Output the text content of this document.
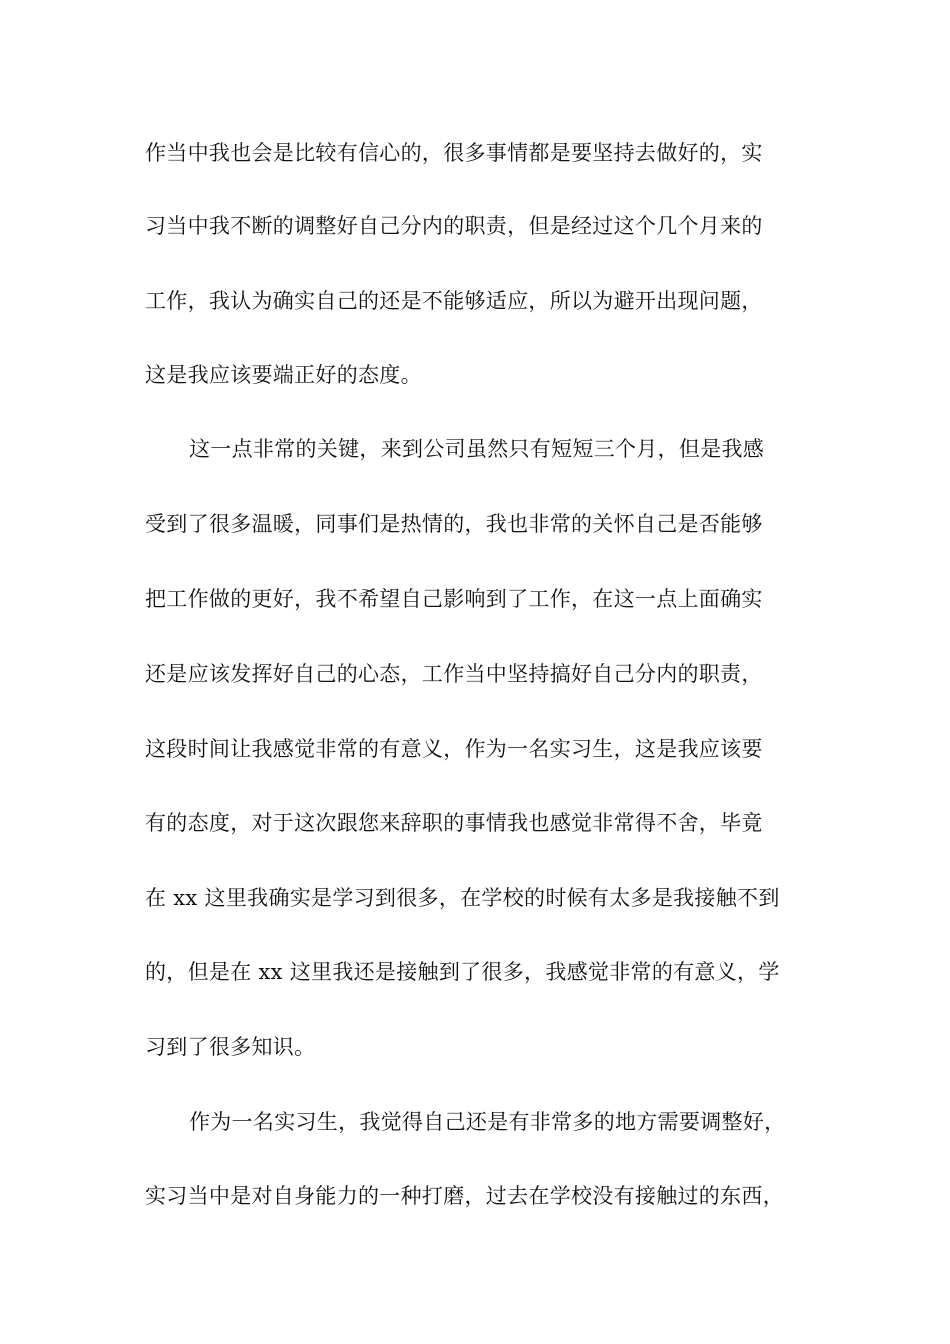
作当中我也会是比较有信心的，很多事情都是要坚持去做好的，实
习当中我不断的调整好自己分内的职责，但是经过这个几个月来的
工作，我认为确实自己的还是不能够适应，所以为避开出现问题，
这是我应该要端正好的态度。
这一点非常的关键，来到公司虽然只有短短三个月，但是我感
受到了很多温暖，同事们是热情的，我也非常的关怀自己是否能够
把工作做的更好，我不希望自己影响到了工作，在这一点上面确实
还是应该发挥好自己的心态，工作当中坚持搞好自己分内的职责，
这段时间让我感觉非常的有意义，作为一名实习生，这是我应该要
有的态度，对于这次跟您来辞职的事情我也感觉非常得不舍，毕竟
在 xx 这里我确实是学习到很多，在学校的时候有太多是我接触不到
的，但是在 xx 这里我还是接触到了很多，我感觉非常的有意义，学
习到了很多知识。
作为一名实习生，我觉得自己还是有非常多的地方需要调整好，
实习当中是对自身能力的一种打磨，过去在学校没有接触过的东西，
